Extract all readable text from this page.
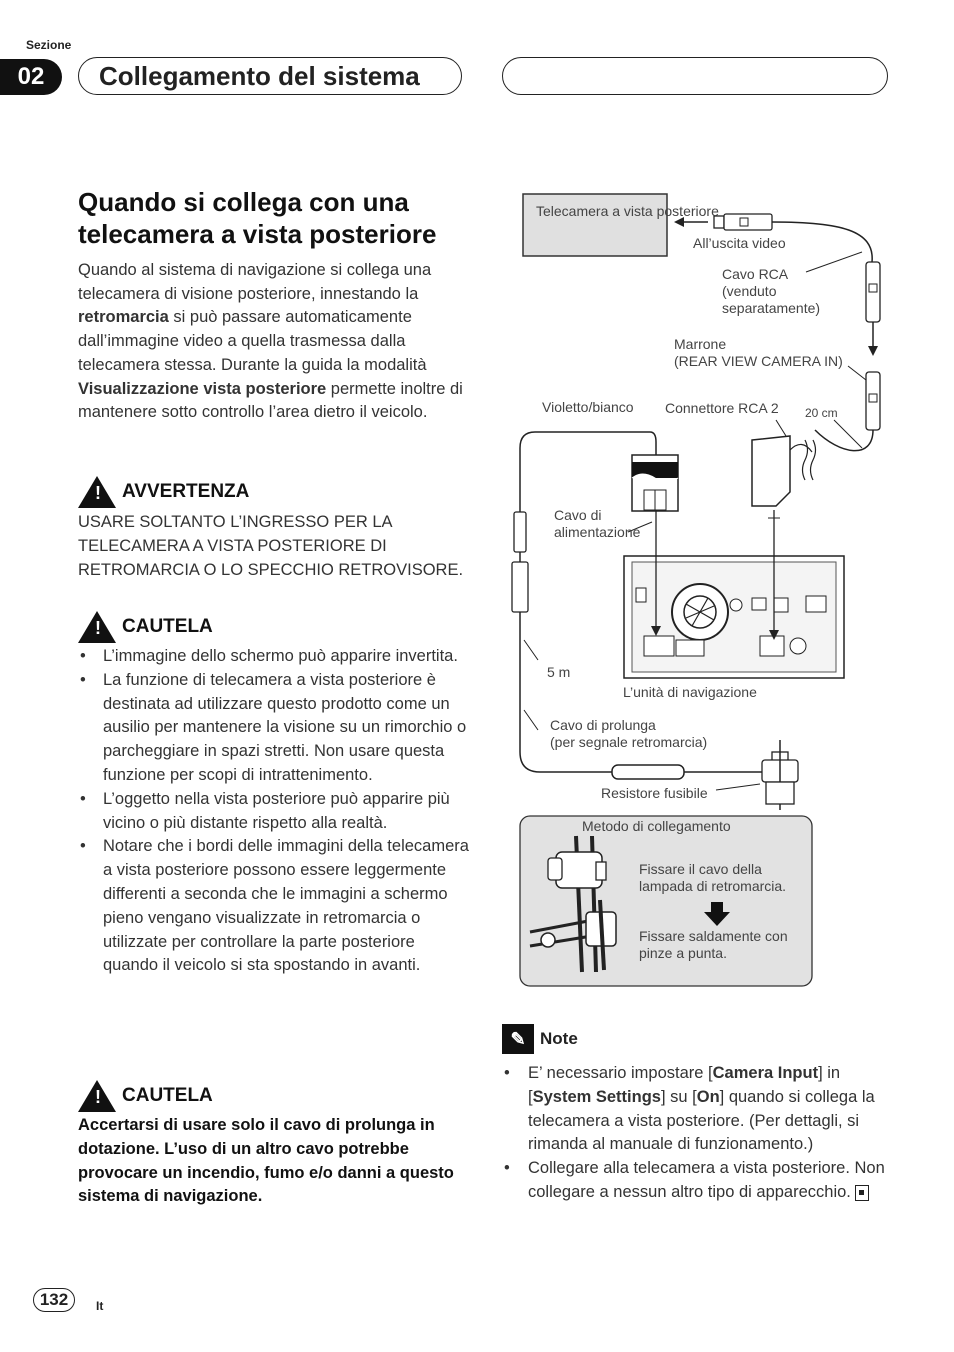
Sezione
02	Collegamento del sistema
Quando si collega con una telecamera a vista posteriore
Quando al sistema di navigazione si collega una telecamera di visione posteriore, innestando la retromarcia si può passare automaticamente dall’immagine video a quella trasmessa dalla telecamera stessa. Durante la guida la modalità Visualizzazione vista posteriore permette inoltre di mantenere sotto controllo l’area dietro il veicolo.
! AVVERTENZA
USARE SOLTANTO L’INGRESSO PER LA TELECAMERA A VISTA POSTERIORE DI RETROMARCIA O LO SPECCHIO RETROVISORE.
! CAUTELA
• L’immagine dello schermo può apparire invertita.
• La funzione di telecamera a vista posteriore è destinata ad utilizzare questo prodotto come un ausilio per mantenere la visione su un rimorchio o parcheggiare in spazi stretti. Non usare questa funzione per scopi di intrattenimento.
• L’oggetto nella vista posteriore può apparire più vicino o più distante rispetto alla realtà.
• Notare che i bordi delle immagini della telecamera a vista posteriore possono essere leggermente differenti a seconda che le immagini a schermo pieno vengano visualizzate in retromarcia o utilizzate per controllare la parte posteriore quando il veicolo si sta spostando in avanti.
! CAUTELA
Accertarsi di usare solo il cavo di prolunga in dotazione. L’uso di un altro cavo potrebbe provocare un incendio, fumo e/o danni a questo sistema di navigazione.
Telecamera a vista posteriore
All’uscita video
Cavo RCA
(venduto
separatamente)
Marrone
(REAR VIEW CAMERA IN)
Violetto/bianco Connettore RCA 2 20 cm
Cavo di
alimentazione
5 m
L’unità di navigazione
Cavo di prolunga
(per segnale retromarcia)
Resistore fusibile
Metodo di collegamento
Fissare il cavo della
lampada di retromarcia.
Fissare saldamente con
pinze a punta.
✎ Note
• E’ necessario impostare [Camera Input] in [System Settings] su [On] quando si collega la telecamera a vista posteriore. (Per dettagli, si rimanda al manuale di funzionamento.)
• Collegare alla telecamera a vista posteriore. Non collegare a nessun altro tipo di apparecchio.
132	It
